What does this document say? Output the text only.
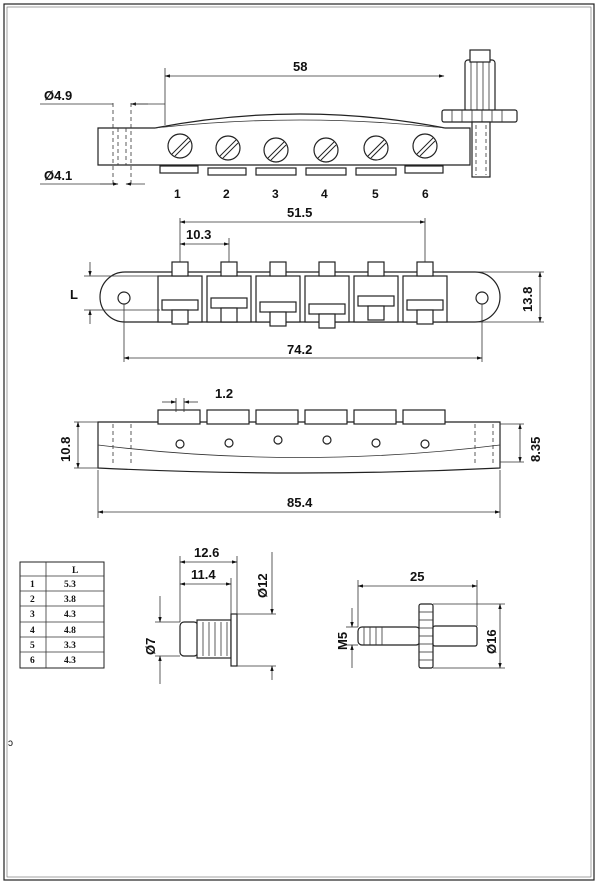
ɔ
58
Ø4.9
Ø4.1
1	2	3	4	5	6
51.5
10.3
L	13.8
74.2
1.2
10.8	8.35
85.4
L
1	5.3
2	3.8
3	4.3
4	4.8
5	3.3
6	4.3
12.6
11.4	Ø12
Ø7
25
M5	Ø16
